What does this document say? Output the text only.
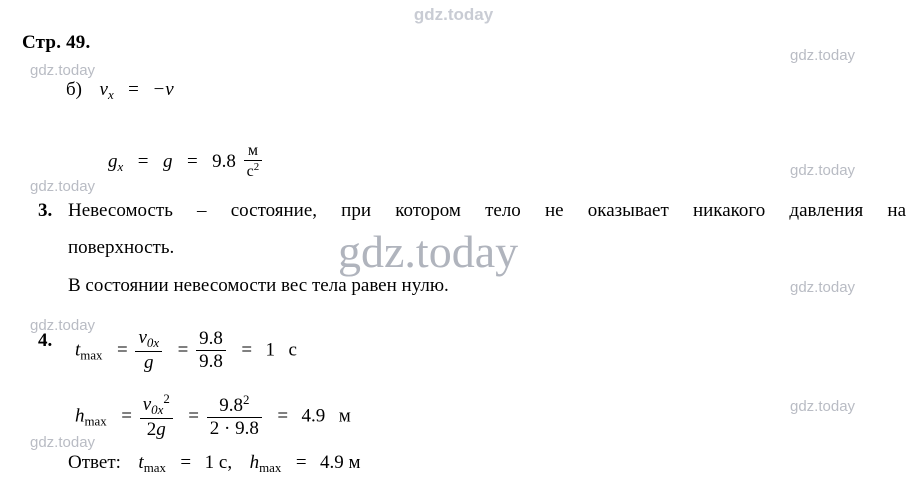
gdz.today
gdz.today
gdz.today
gdz.today
gdz.today
gdz.today
gdz.today
gdz.today
gdz.today
gdz.today
Стр. 49.
б) $v_x = -v$
$g_x = g = 9.8 \frac{м}{с^2}$
3. Невесомость – состояние, при котором тело не оказывает никакого давления на
поверхность.
В состоянии невесомости вес тела равен нулю.
4. $t_{max} = \frac{v_{0x}}{g} = \frac{9.8}{9.8} = 1$ с
$h_{max} = \frac{v_{0x}^2}{2g} = \frac{9.8^2}{2 \cdot 9.8} = 4.9$ м
Ответ: $t_{max} = 1$ с, $h_{max} = 4.9$ м
